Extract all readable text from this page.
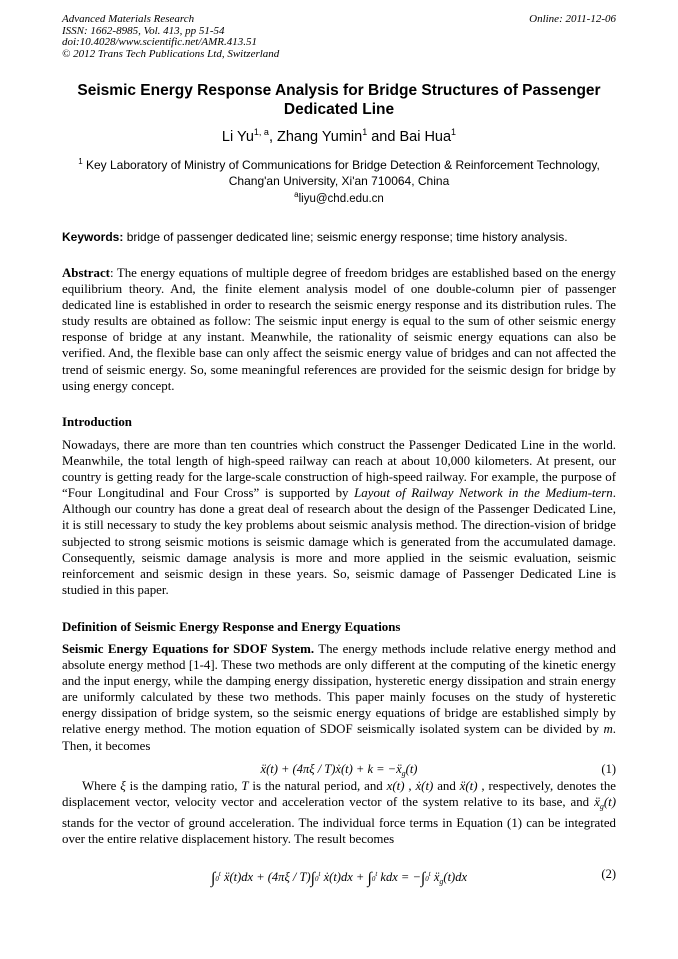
Advanced Materials Research
ISSN: 1662-8985, Vol. 413, pp 51-54
doi:10.4028/www.scientific.net/AMR.413.51
© 2012 Trans Tech Publications Ltd, Switzerland
Online: 2011-12-06
Seismic Energy Response Analysis for Bridge Structures of Passenger
Dedicated Line
Li Yu$^{1, a}$, Zhang Yumin$^1$ and Bai Hua$^1$
$^1$ Key Laboratory of Ministry of Communications for Bridge Detection & Reinforcement Technology,
Chang'an University, Xi'an 710064, China
$^a$liyu@chd.edu.cn
Keywords: bridge of passenger dedicated line; seismic energy response; time history analysis.
Abstract: The energy equations of multiple degree of freedom bridges are established based on the energy equilibrium theory. And, the finite element analysis model of one double-column pier of passenger dedicated line is established in order to research the seismic energy response and its distribution rules. The study results are obtained as follow: The seismic input energy is equal to the sum of other seismic energy response of bridge at any instant. Meanwhile, the rationality of seismic energy equations can also be verified. And, the flexible base can only affect the seismic energy value of bridges and can not affected the trend of seismic energy. So, some meaningful references are provided for the seismic design for bridge by using energy concept.
Introduction
Nowadays, there are more than ten countries which construct the Passenger Dedicated Line in the world. Meanwhile, the total length of high-speed railway can reach at about 10,000 kilometers. At present, our country is getting ready for the large-scale construction of high-speed railway. For example, the purpose of “Four Longitudinal and Four Cross” is supported by Layout of Railway Network in the Medium-tern. Although our country has done a great deal of research about the design of the Passenger Dedicated Line, it is still necessary to study the key problems about seismic analysis method. The direction-vision of bridge subjected to strong seismic motions is seismic damage which is generated from the accumulated damage. Consequently, seismic damage analysis is more and more applied in the seismic evaluation, seismic reinforcement and seismic design in these years. So, seismic damage of Passenger Dedicated Line is studied in this paper.
Definition of Seismic Energy Response and Energy Equations
Seismic Energy Equations for SDOF System. The energy methods include relative energy method and absolute energy method [1-4]. These two methods are only different at the computing of the kinetic energy and the input energy, while the damping energy dissipation, hysteretic energy dissipation and strain energy are uniformly calculated by these two methods. This paper mainly focuses on the study of hysteretic energy dissipation of bridge system, so the seismic energy equations of bridge are established simply by relative energy method. The motion equation of SDOF seismically isolated system can be divided by m. Then, it becomes
ẍ(t) + (4πξ / T)ẋ(t) + k = −ẍ$_g$(t)	(1)
Where ξ is the damping ratio, T is the natural period, and x(t) , ẋ(t) and ẍ(t) , respectively, denotes the displacement vector, velocity vector and acceleration vector of the system relative to its base, and ẍ$_g$(t) stands for the vector of ground acceleration. The individual force terms in Equation (1) can be integrated over the entire relative displacement history. The result becomes
∫0$^t$ ẍ(t)dx + (4πξ / T)∫0$^t$ ẋ(t)dx + $\int 0^t$ kdx = $-\int 0^t$ ẍ$_g$(t)dx	(2)
